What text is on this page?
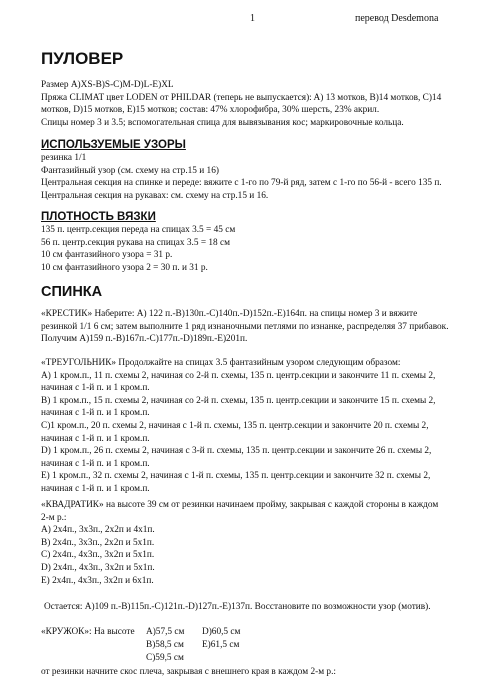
1	перевод Desdemona
ПУЛОВЕР
Размер A)XS-B)S-C)M-D)L-E)XL
Пряжа CLIMAT цвет LODEN от PHILDAR (теперь не выпускается): A) 13 мотков, B)14 мотков, C)14
мотков, D)15 мотков, E)15 мотков; состав: 47% хлорофибра, 30% шерсть, 23% акрил.
Спицы номер 3 и 3.5; вспомогательная спица для вывязывания кос; маркировочные кольца.
ИСПОЛЬЗУЕМЫЕ УЗОРЫ
резинка 1/1
Фантазийный узор (см. схему на стр.15 и 16)
Центральная секция на спинке и переде: вяжите с 1-го по 79-й ряд, затем с 1-го по 56-й - всего 135 п.
Центральная секция на рукавах: см. схему на стр.15 и 16.
ПЛОТНОСТЬ ВЯЗКИ
135 п. центр.секция переда на спицах 3.5 = 45 см
56 п. центр.секция рукава на спицах 3.5 = 18 см
10 см фантазийного узора = 31 р.
10 см фантазийного узора 2 = 30 п. и 31 р.
СПИНКА
«КРЕСТИК» Наберите: A) 122 п.-B)130п.-C)140п.-D)152п.-E)164п. на спицы номер 3 и вяжите
резинкой 1/1 6 см; затем выполните 1 ряд изнаночными петлями по изнанке, распределяя 37 прибавок.
Получим A)159 п.-B)167п.-C)177п.-D)189п.-E)201п.
«ТРЕУГОЛЬНИК» Продолжайте на спицах 3.5 фантазийным узором следующим образом:
A) 1 кром.п., 11 п. схемы 2, начиная со 2-й п. схемы, 135 п. центр.секции и закончите 11 п. схемы 2,
начиная с 1-й п. и 1 кром.п.
B) 1 кром.п., 15 п. схемы 2, начиная со 2-й п. схемы, 135 п. центр.секции и закончите 15 п. схемы 2,
начиная с 1-й п. и 1 кром.п.
C)1 кром.п., 20 п. схемы 2, начиная с 1-й п. схемы, 135 п. центр.секции и закончите 20 п. схемы 2,
начиная с 1-й п. и 1 кром.п.
D) 1 кром.п., 26 п. схемы 2, начиная с 3-й п. схемы, 135 п. центр.секции и закончите 26 п. схемы 2,
начиная с 1-й п. и 1 кром.п.
E) 1 кром.п., 32 п. схемы 2, начиная с 1-й п. схемы, 135 п. центр.секции и закончите 32 п. схемы 2,
начиная с 1-й п. и 1 кром.п.
«КВАДРАТИК» на высоте 39 см от резинки начинаем пройму, закрывая с каждой стороны в каждом
2-м р.:
A) 2х4п., 3х3п., 2х2п и 4х1п.
B) 2х4п., 3х3п., 2х2п и 5х1п.
C) 2х4п., 4х3п., 3х2п и 5х1п.
D) 2х4п., 4х3п., 3х2п и 5х1п.
E) 2х4п., 4х3п., 3х2п и 6х1п.
Остается: A)109 п.-B)115п.-C)121п.-D)127п.-E)137п. Восстановите по возможности узор (мотив).
«КРУЖОК»: На высоте A)57,5 см D)60,5 см
B)58,5 см E)61,5 см
C)59,5 см
от резинки начните скос плеча, закрывая с внешнего края в каждом 2-м р.:
